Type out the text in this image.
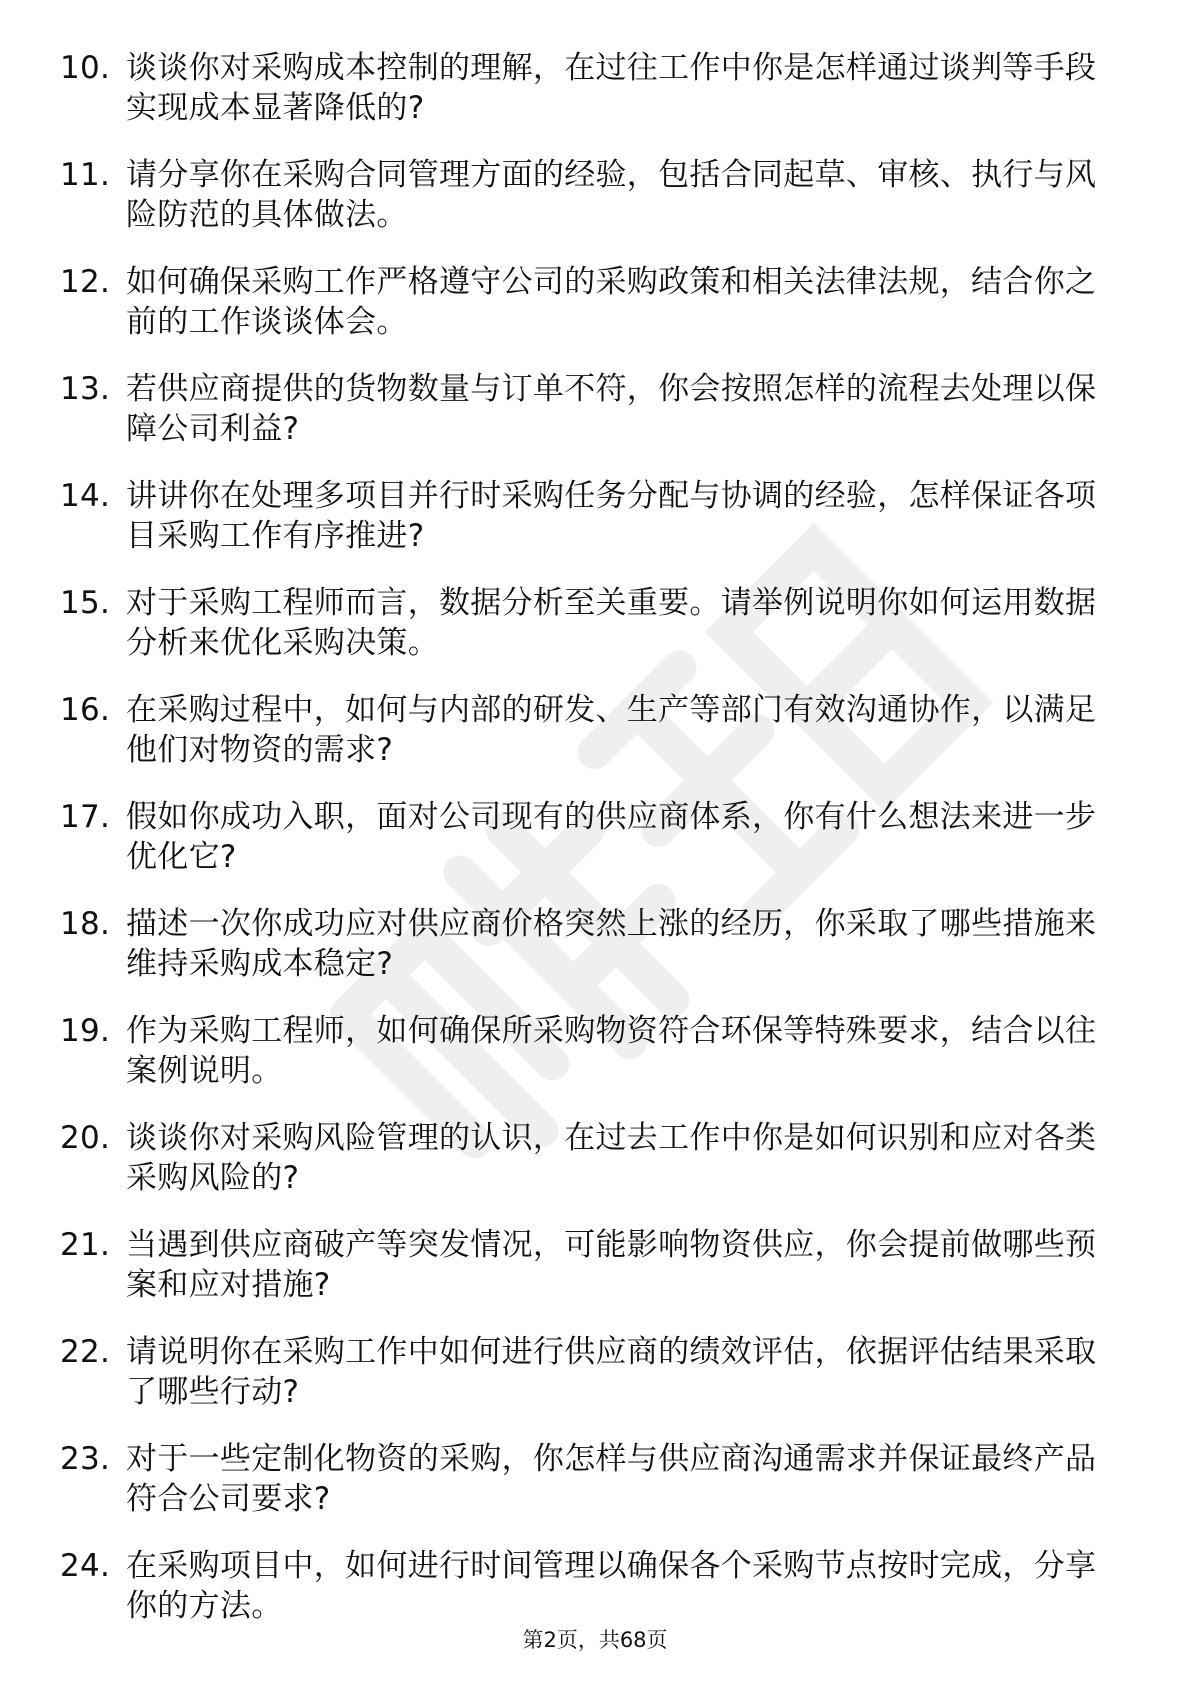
10. 谈谈你对采购成本控制的理解，在过往工作中你是怎样通过谈判等手段实现成本显著降低的?
11. 请分享你在采购合同管理方面的经验，包括合同起草、审核、执行与风险防范的具体做法。
12. 如何确保采购工作严格遵守公司的采购政策和相关法律法规，结合你之前的工作谈谈体会。
13. 若供应商提供的货物数量与订单不符，你会按照怎样的流程去处理以保障公司利益?
14. 讲讲你在处理多项目并行时采购任务分配与协调的经验，怎样保证各项目采购工作有序推进?
15. 对于采购工程师而言，数据分析至关重要。请举例说明你如何运用数据分析来优化采购决策。
16. 在采购过程中，如何与内部的研发、生产等部门有效沟通协作，以满足他们对物资的需求?
17. 假如你成功入职，面对公司现有的供应商体系，你有什么想法来进一步优化它?
18. 描述一次你成功应对供应商价格突然上涨的经历，你采取了哪些措施来维持采购成本稳定?
19. 作为采购工程师，如何确保所采购物资符合环保等特殊要求，结合以往案例说明。
20. 谈谈你对采购风险管理的认识，在过去工作中你是如何识别和应对各类采购风险的?
21. 当遇到供应商破产等突发情况，可能影响物资供应，你会提前做哪些预案和应对措施?
22. 请说明你在采购工作中如何进行供应商的绩效评估，依据评估结果采取了哪些行动?
23. 对于一些定制化物资的采购，你怎样与供应商沟通需求并保证最终产品符合公司要求?
24. 在采购项目中，如何进行时间管理以确保各个采购节点按时完成，分享你的方法。
第2页，共68页
